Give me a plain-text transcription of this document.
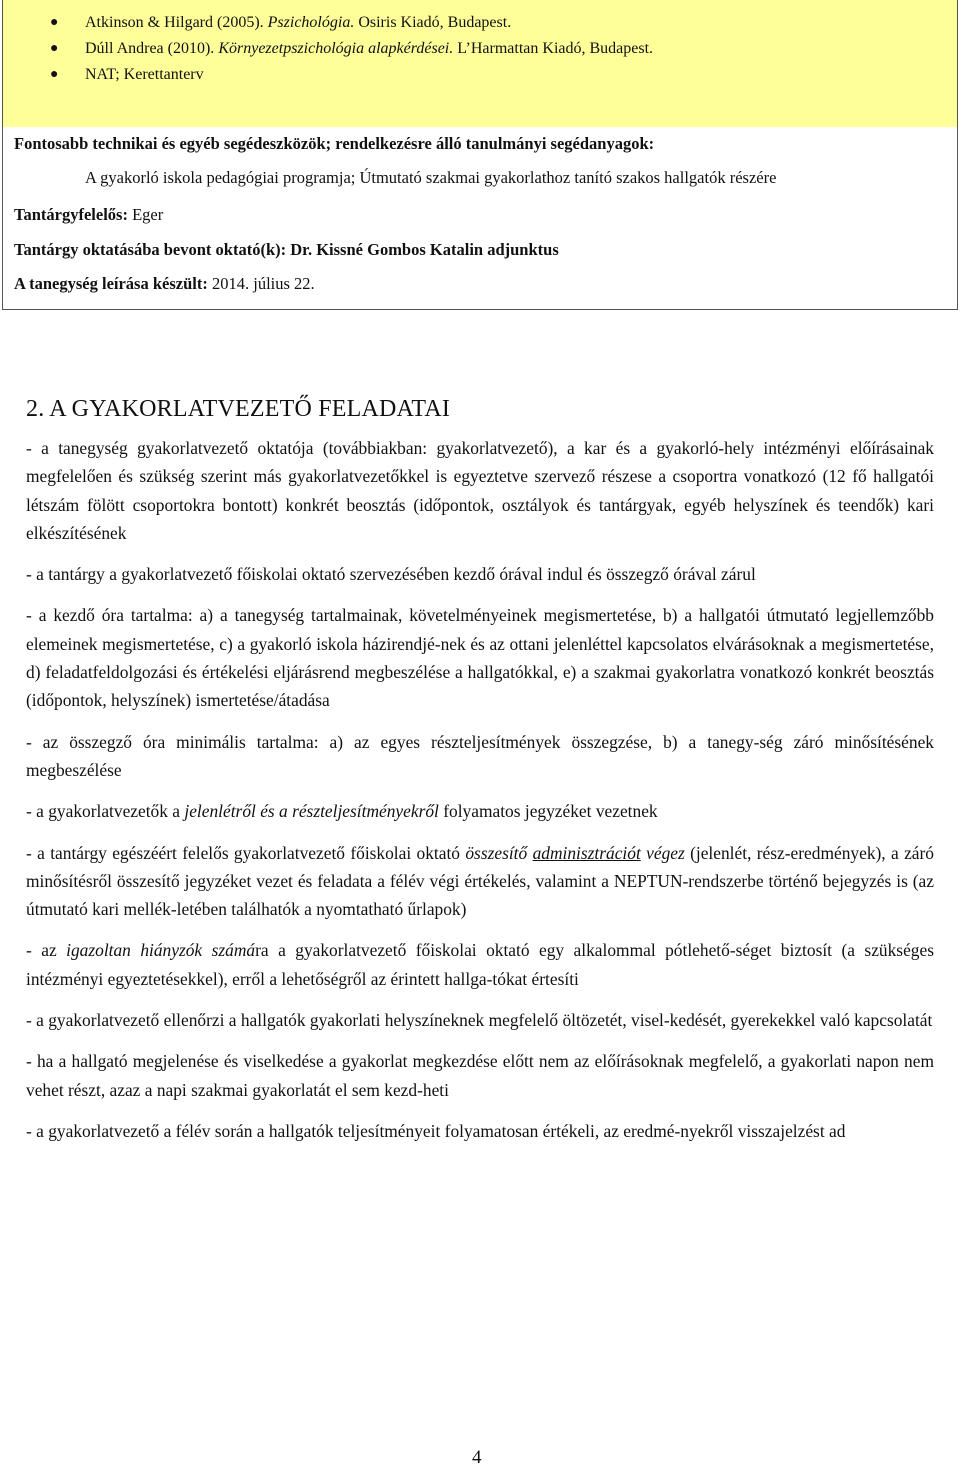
● Atkinson & Hilgard (2005). Pszichológia. Osiris Kiadó, Budapest.
● Dúll Andrea (2010). Környezetpszichológia alapkérdései. L’Harmattan Kiadó, Budapest.
● NAT; Kerettanterv
Fontosabb technikai és egyéb segédeszközök; rendelkezésre álló tanulmányi segédanyagok:
A gyakorló iskola pedagógiai programja; Útmutató szakmai gyakorlathoz tanító szakos hallgatók részére
Tantárgyfelelős: Eger
Tantárgy oktatásába bevont oktató(k): Dr. Kissné Gombos Katalin adjunktus
A tanegység leírása készült: 2014. július 22.
2. A GYAKORLATVEZETŐ FELADATAI

- a tanegység gyakorlatvezető oktatója (továbbiakban: gyakorlatvezető), a kar és a gyakorló-hely intézményi előírásainak megfelelően és szükség szerint más gyakorlatvezetőkkel is egyeztetve szervező részese a csoportra vonatkozó (12 fő hallgatói létszám fölött csoportokra bontott) konkrét beosztás (időpontok, osztályok és tantárgyak, egyéb helyszínek és teendők) kari elkészítésének

- a tantárgy a gyakorlatvezető főiskolai oktató szervezésében kezdő órával indul és összegző órával zárul

- a kezdő óra tartalma: a) a tanegység tartalmainak, követelményeinek megismertetése, b) a hallgatói útmutató legjellemzőbb elemeinek megismertetése, c) a gyakorló iskola házirendjé-nek és az ottani jelenléttel kapcsolatos elvárásoknak a megismertetése, d) feladatfeldolgozási és értékelési eljárásrend megbeszélése a hallgatókkal, e) a szakmai gyakorlatra vonatkozó konkrét beosztás (időpontok, helyszínek) ismertetése/átadása

- az összegző óra minimális tartalma: a) az egyes részteljesítmények összegzése, b) a tanegy-ség záró minősítésének megbeszélése

- a gyakorlatvezetők a jelenlétről és a részteljesítményekről folyamatos jegyzéket vezetnek

- a tantárgy egészéért felelős gyakorlatvezető főiskolai oktató összesítő adminisztrációt végez (jelenlét, rész-eredmények), a záró minősítésről összesítő jegyzéket vezet és feladata a félév végi értékelés, valamint a NEPTUN-rendszerbe történő bejegyzés is (az útmutató kari mellék-letében találhatók a nyomtatható űrlapok)

- az igazoltan hiányzók számára a gyakorlatvezető főiskolai oktató egy alkalommal pótlehető-séget biztosít (a szükséges intézményi egyeztetésekkel), erről a lehetőségről az érintett hallga-tókat értesíti

- a gyakorlatvezető ellenőrzi a hallgatók gyakorlati helyszíneknek megfelelő öltözetét, visel-kedését, gyerekekkel való kapcsolatát

- ha a hallgató megjelenése és viselkedése a gyakorlat megkezdése előtt nem az előírásoknak megfelelő, a gyakorlati napon nem vehet részt, azaz a napi szakmai gyakorlatát el sem kezd-heti

- a gyakorlatvezető a félév során a hallgatók teljesítményeit folyamatosan értékeli, az eredmé-nyekről visszajelzést ad

4
